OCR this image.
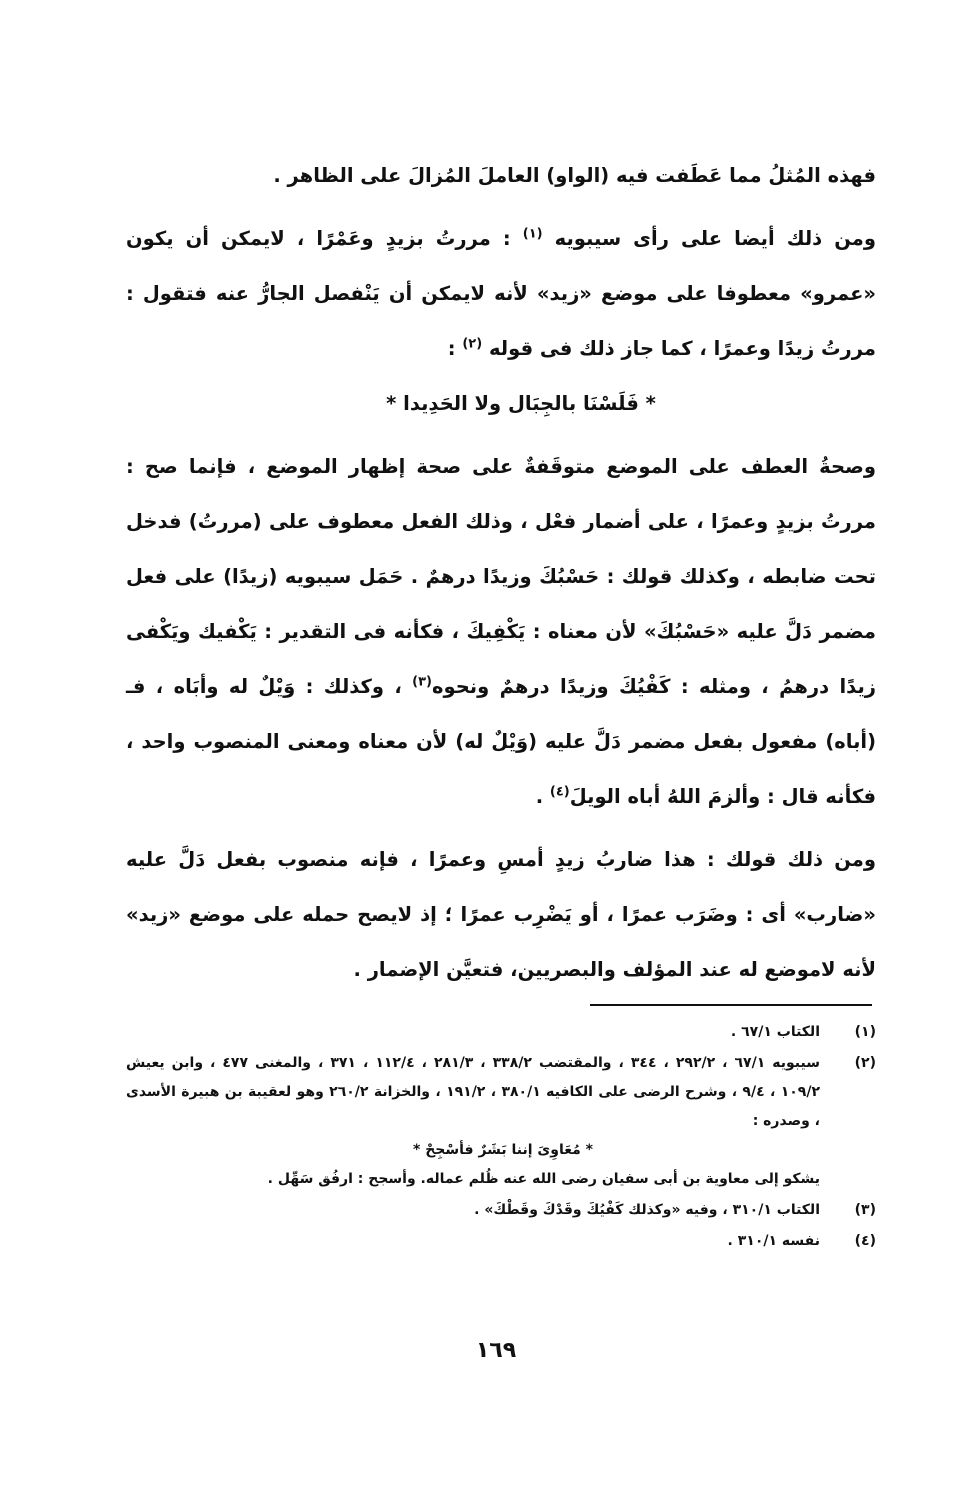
فهذه المُثلُ مما عَطَفت فيه (الواو) العاملَ المُزالَ على الظاهر .

ومن ذلك أيضا على رأى سيبويه $^{(١)}$ : مررتُ بزيدٍ وعَمْرًا ، لايمكن أن يكون «عمرو» معطوفا على موضع «زيد» لأنه لايمكن أن يَنْفصل الجارُّ عنه فتقول : مررتُ زيدًا وعمرًا ، كما جاز ذلك فى قوله $^{(٢)}$ :

* فَلَسْنَا بالجِبَال ولا الحَدِيدا *

وصحةُ العطف على الموضع متوقَفةٌ على صحة إظهار الموضع ، فإنما صح : مررتُ بزيدٍ وعمرًا ، على أضمار فعْل ، وذلك الفعل معطوف على (مررتُ) فدخل تحت ضابطه ، وكذلك قولك : حَسْبُكَ وزيدًا درهمٌ . حَمَل سيبويه (زيدًا) على فعل مضمر دَلَّ عليه «حَسْبُكَ» لأن معناه : يَكْفِيكَ ، فكأنه فى التقدير : يَكْفيك ويَكْفى زيدًا درهمُ ، ومثله : كَفْيُكَ وزيدًا درهمٌ ونحوه$^{(٣)}$ ، وكذلك : وَيْلٌ له وأبَاه ، فـ (أباه) مفعول بفعل مضمر دَلَّ عليه (وَيْلٌ له) لأن معناه ومعنى المنصوب واحد ، فكأنه قال : وألزمَ اللهُ أباه الويلَ$^{(٤)}$ .

ومن ذلك قولك : هذا ضاربُ زيدٍ أمسِ وعمرًا ، فإنه منصوب بفعل دَلَّ عليه «ضارب» أى : وضَرَب عمرًا ، أو يَضْرِب عمرًا ؛ إذ لايصح حمله على موضع «زيد» لأنه لاموضع له عند المؤلف والبصريين، فتعيَّن الإضمار .

(١)
الكتاب ٦٧/١ .
(٢)
سيبويه ٦٧/١ ، ٢٩٢/٢ ، ٣٤٤ ، والمقتضب ٣٣٨/٢ ، ٢٨١/٣ ، ١١٢/٤ ، ٣٧١ ، والمغنى ٤٧٧ ، وابن يعيش ١٠٩/٢ ، ٩/٤ ، وشرح الرضى على الكافيه ٣٨٠/١ ، ١٩١/٢ ، والخزانة ٢٦٠/٢ وهو لعقيبة بن هبيرة الأسدى ، وصدره :
* مُعَاوِىَ إننا بَشَرٌ فأسْجِحْ *
يشكو إلى معاوية بن أبى سفيان رضى الله عنه ظُلم عماله. وأسجح : ارفُق سَهِّل .
(٣)
الكتاب ٣١٠/١ ، وفيه «وكذلك كَفْيُكَ وقَدْكَ وقَطْكَ» .
(٤)
نفسه ٣١٠/١ .
١٦٩
